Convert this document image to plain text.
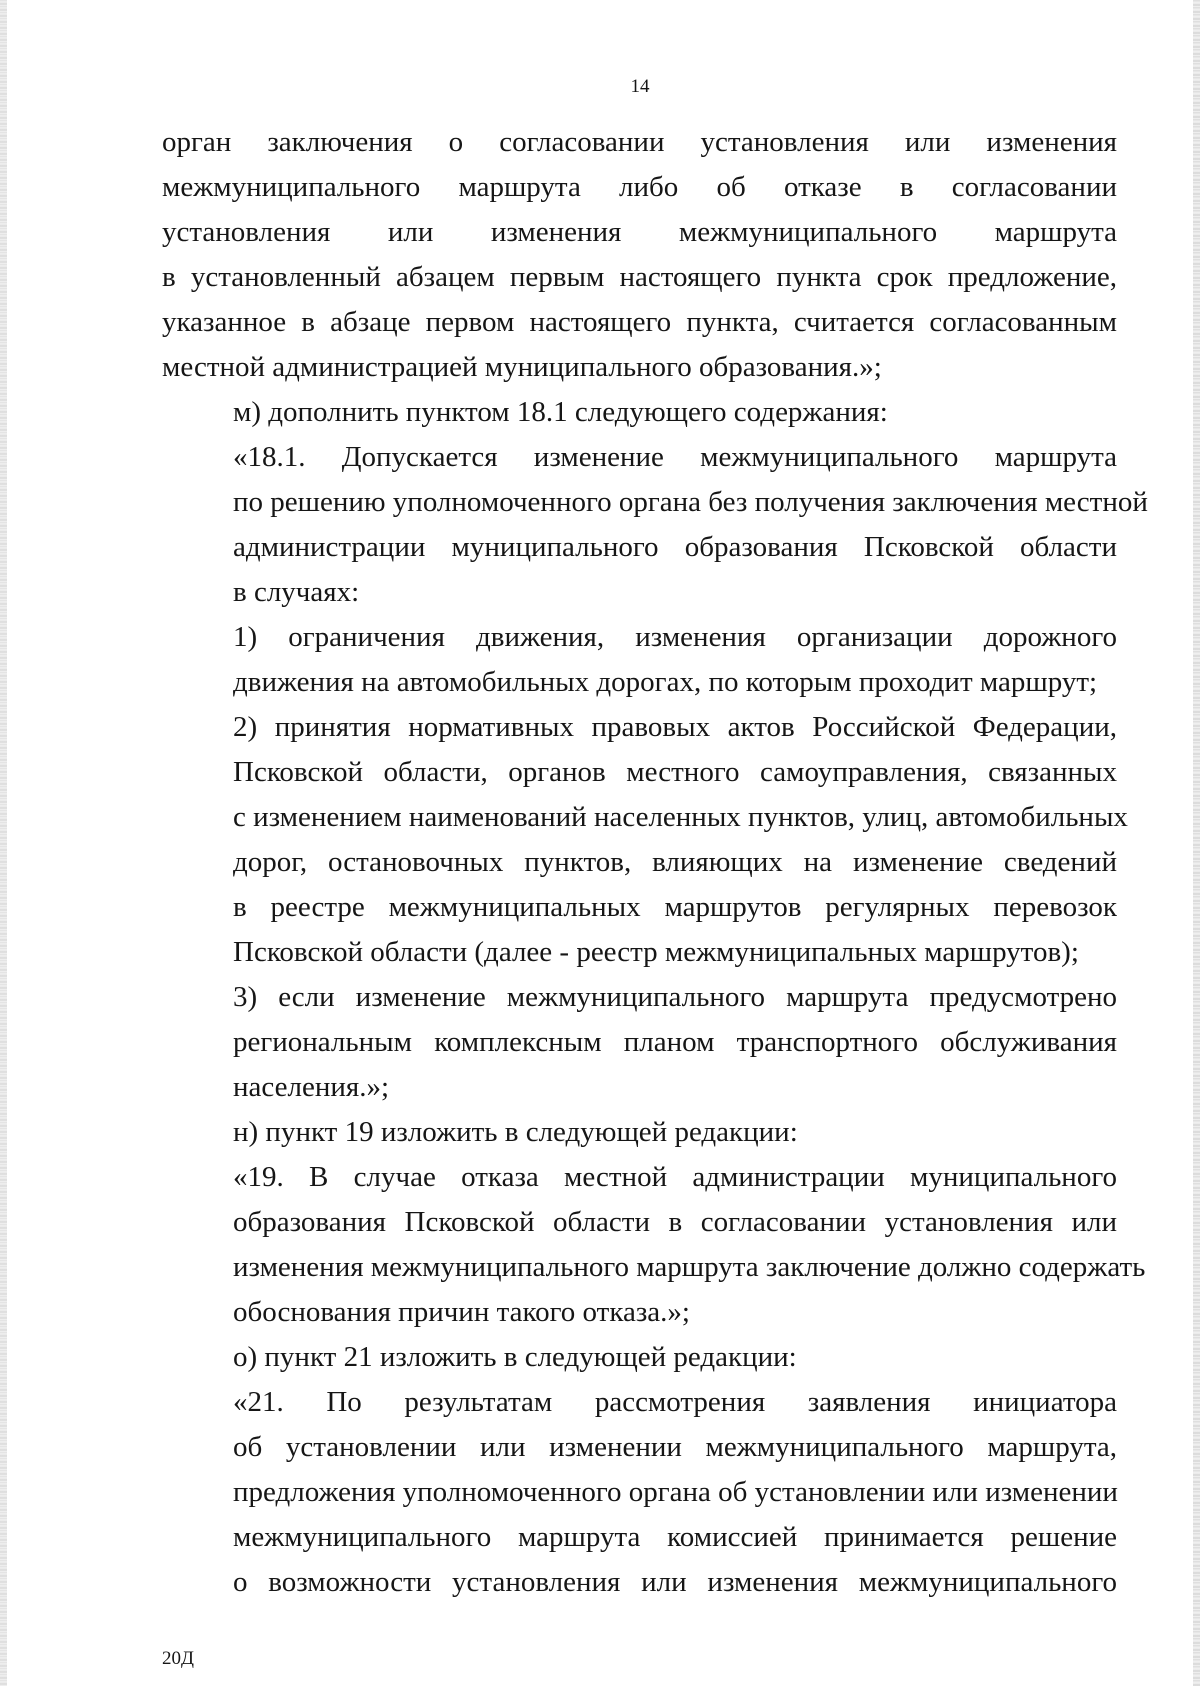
14

орган заключения о согласовании установления или изменения
межмуниципального маршрута либо об отказе в согласовании
установления или изменения межмуниципального маршрута
в установленный абзацем первым настоящего пункта срок предложение,
указанное в абзаце первом настоящего пункта, считается согласованным
местной администрацией муниципального образования.»;

м) дополнить пунктом 18.1 следующего содержания:

«18.1. Допускается изменение межмуниципального маршрута
по решению уполномоченного органа без получения заключения местной
администрации муниципального образования Псковской области
в случаях:

1) ограничения движения, изменения организации дорожного
движения на автомобильных дорогах, по которым проходит маршрут;

2) принятия нормативных правовых актов Российской Федерации,
Псковской области, органов местного самоуправления, связанных
с изменением наименований населенных пунктов, улиц, автомобильных
дорог, остановочных пунктов, влияющих на изменение сведений
в реестре межмуниципальных маршрутов регулярных перевозок
Псковской области (далее - реестр межмуниципальных маршрутов);

3) если изменение межмуниципального маршрута предусмотрено
региональным комплексным планом транспортного обслуживания
населения.»;

н) пункт 19 изложить в следующей редакции:

«19. В случае отказа местной администрации муниципального
образования Псковской области в согласовании установления или
изменения межмуниципального маршрута заключение должно содержать
обоснования причин такого отказа.»;

о) пункт 21 изложить в следующей редакции:

«21. По результатам рассмотрения заявления инициатора
об установлении или изменении межмуниципального маршрута,
предложения уполномоченного органа об установлении или изменении
межмуниципального маршрута комиссией принимается решение
о возможности установления или изменения межмуниципального

20Д
